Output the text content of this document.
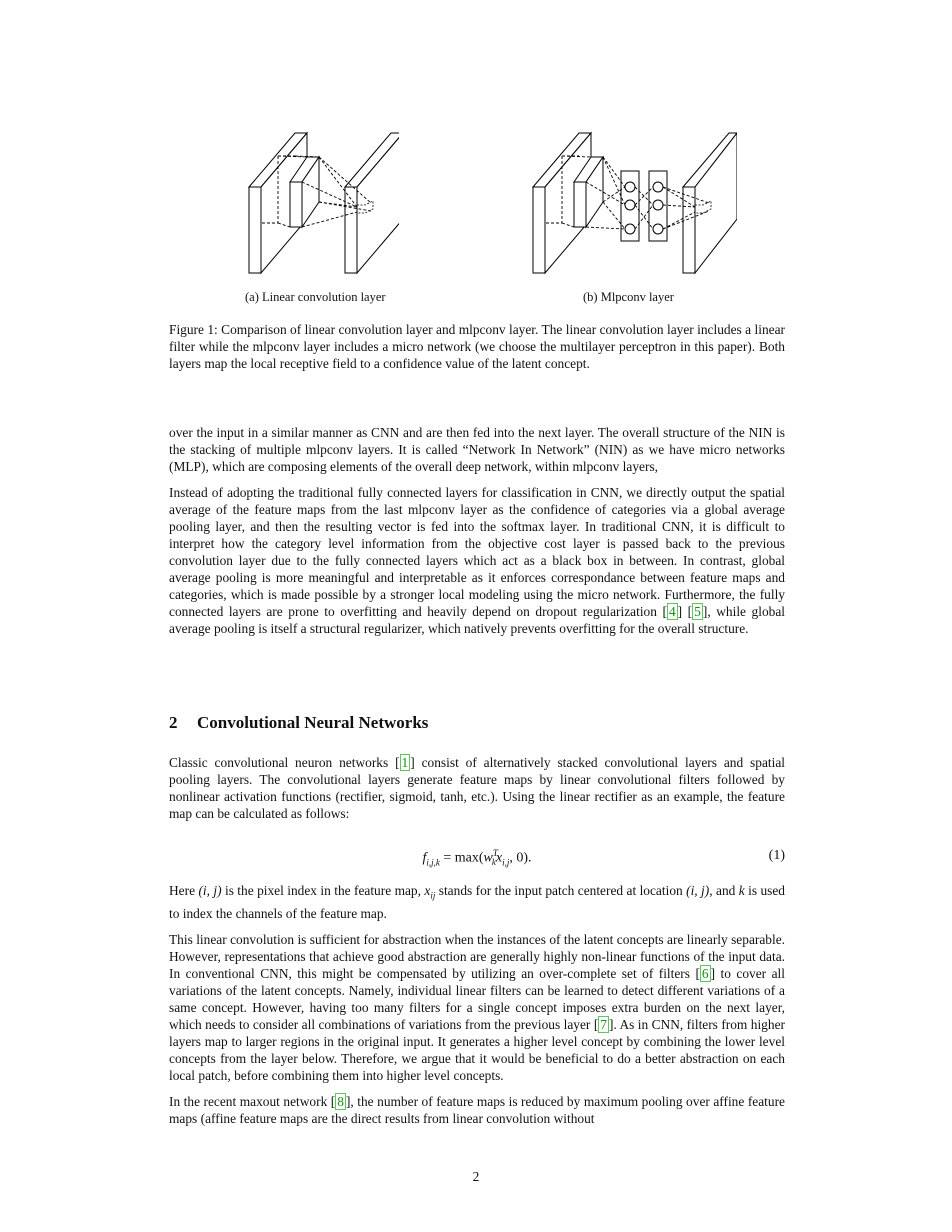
(a) Linear convolution layer	(b) Mlpconv layer

Figure 1: Comparison of linear convolution layer and mlpconv layer. The linear convolution layer includes a linear filter while the mlpconv layer includes a micro network (we choose the multilayer perceptron in this paper). Both layers map the local receptive field to a confidence value of the latent concept.

over the input in a similar manner as CNN and are then fed into the next layer. The overall structure of the NIN is the stacking of multiple mlpconv layers. It is called “Network In Network” (NIN) as we have micro networks (MLP), which are composing elements of the overall deep network, within mlpconv layers,

Instead of adopting the traditional fully connected layers for classification in CNN, we directly output the spatial average of the feature maps from the last mlpconv layer as the confidence of categories via a global average pooling layer, and then the resulting vector is fed into the softmax layer. In traditional CNN, it is difficult to interpret how the category level information from the objective cost layer is passed back to the previous convolution layer due to the fully connected layers which act as a black box in between. In contrast, global average pooling is more meaningful and interpretable as it enforces correspondance between feature maps and categories, which is made possible by a stronger local modeling using the micro network. Furthermore, the fully connected layers are prone to overfitting and heavily depend on dropout regularization [ 4 ] [ 5 ], while global average pooling is itself a structural regularizer, which natively prevents overfitting for the overall structure.

2 Convolutional Neural Networks

Classic convolutional neuron networks [ 1 ] consist of alternatively stacked convolutional layers and spatial pooling layers. The convolutional layers generate feature maps by linear convolutional filters followed by nonlinear activation functions (rectifier, sigmoid, tanh, etc.). Using the linear rectifier as an example, the feature map can be calculated as follows:

$f_{i,j,k} = \max(w^T_kx_{i,j}$, 0).	(1)

Here (i, j) is the pixel index in the feature map, $x_{ij}$ stands for the input patch centered at location (i, j), and k is used to index the channels of the feature map.

This linear convolution is sufficient for abstraction when the instances of the latent concepts are linearly separable. However, representations that achieve good abstraction are generally highly non-linear functions of the input data. In conventional CNN, this might be compensated by utilizing an over-complete set of filters [ 6 ] to cover all variations of the latent concepts. Namely, individual linear filters can be learned to detect different variations of a same concept. However, having too many filters for a single concept imposes extra burden on the next layer, which needs to consider all combinations of variations from the previous layer [ 7 ]. As in CNN, filters from higher layers map to larger regions in the original input. It generates a higher level concept by combining the lower level concepts from the layer below. Therefore, we argue that it would be beneficial to do a better abstraction on each local patch, before combining them into higher level concepts.

In the recent maxout network [ 8 ], the number of feature maps is reduced by maximum pooling over affine feature maps (affine feature maps are the direct results from linear convolution without

2
